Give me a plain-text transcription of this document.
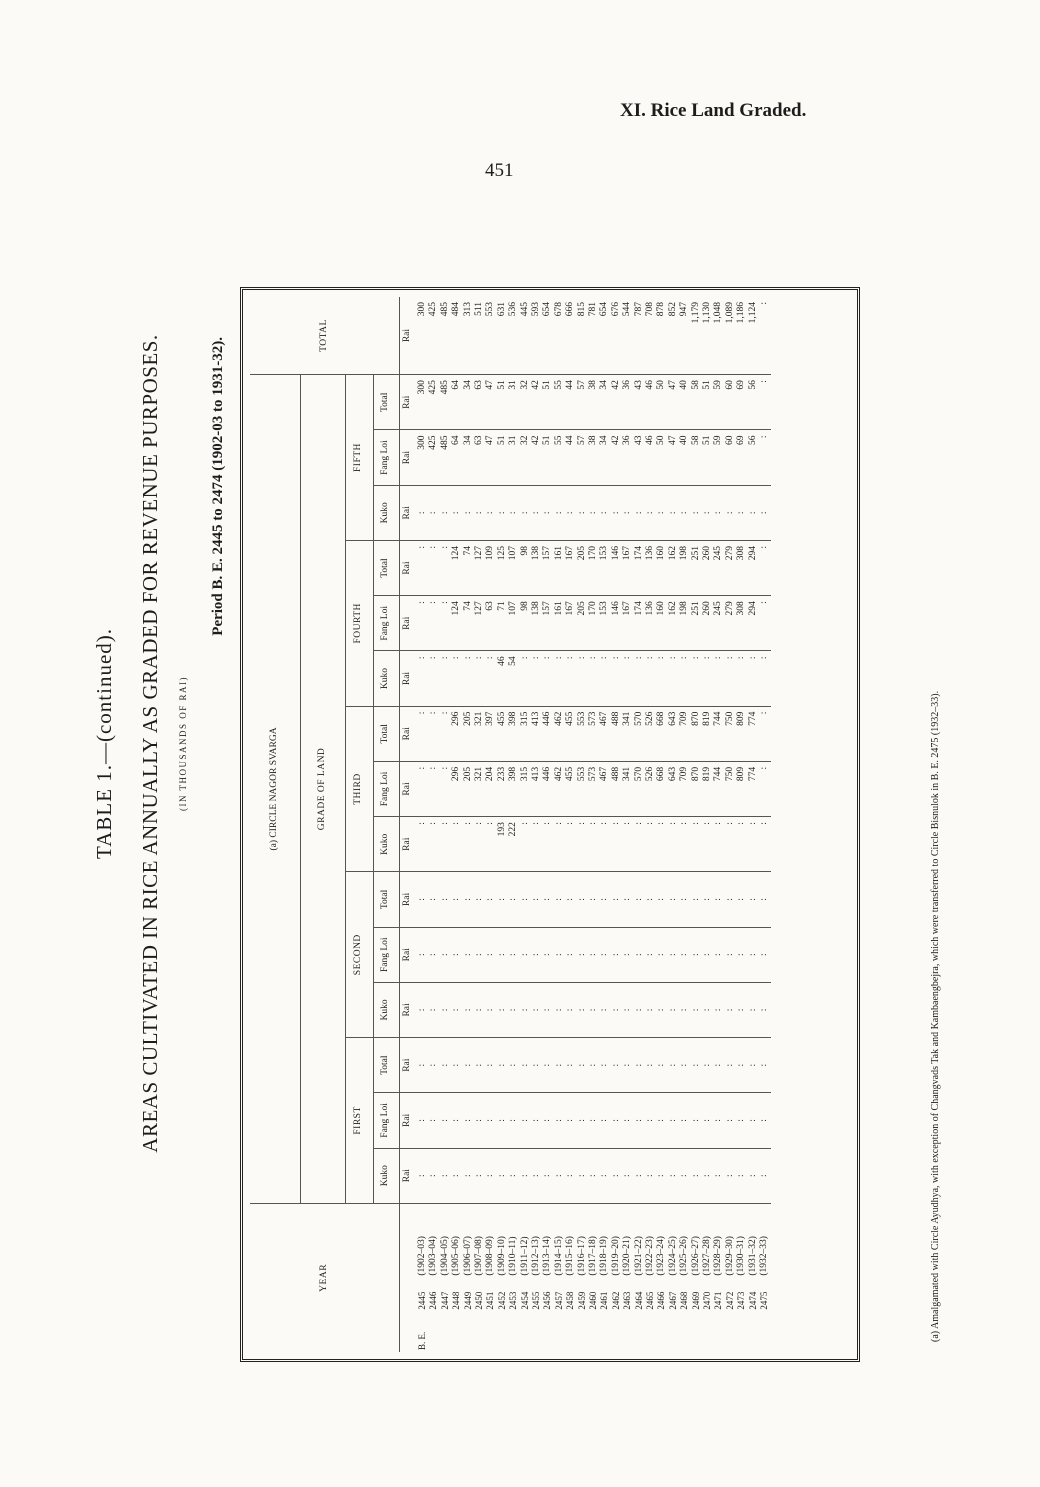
XI. Rice Land Graded.
451
TABLE 1.—(continued). AREAS CULTIVATED IN RICE ANNUALLY AS GRADED FOR REVENUE PURPOSES. (IN THOUSANDS OF RAI)
Period B. E. 2445 to 2474 (1902-03 to 1931-32).
YEAR			(a) CIRCLE NAGOR SVARGA															TOTAL
			GRADE OF LAND															
			FIRST			SECOND			THIRD			FOURTH			FIFTH			
			Kuko	Fang Loi	Total	Kuko	Fang Loi	Total	Kuko	Fang Loi	Total	Kuko	Fang Loi	Total	Kuko	Fang Loi	Total	
			Rai	Rai	Rai	Rai	Rai	Rai	Rai	Rai	Rai	Rai	Rai	Rai	Rai	Rai	Rai	Rai
B. E.	2445	(1902–03)	:	:	:	:	:	:	:	:	:	:	:	:	:	300	300	300
	2446	(1903–04)	:	:	:	:	:	:	:	:	:	:	:	:	:	425	425	425
	2447	(1904–05)	:	:	:	:	:	:	:	:	:	:	:	:	:	485	485	485
	2448	(1905–06)	:	:	:	:	:	:	:	296	296	:	124	124	:	64	64	484
	2449	(1906–07)	:	:	:	:	:	:	:	205	205	:	74	74	:	34	34	313
	2450	(1907–08)	:	:	:	:	:	:	:	321	321	:	127	127	:	63	63	511
	2451	(1908–09)	:	:	:	:	:	:	:	204	397	:	63	109	:	47	47	553
	2452	(1909–10)	:	:	:	:	:	:	193	233	455	46	71	125	:	51	51	631
	2453	(1910–11)	:	:	:	:	:	:	222	398	398	54	107	107	:	31	31	536
	2454	(1911–12)	:	:	:	:	:	:	:	315	315	:	98	98	:	32	32	445
	2455	(1912–13)	:	:	:	:	:	:	:	413	413	:	138	138	:	42	42	593
	2456	(1913–14)	:	:	:	:	:	:	:	446	446	:	157	157	:	51	51	654
	2457	(1914–15)	:	:	:	:	:	:	:	462	462	:	161	161	:	55	55	678
	2458	(1915–16)	:	:	:	:	:	:	:	455	455	:	167	167	:	44	44	666
	2459	(1916–17)	:	:	:	:	:	:	:	553	553	:	205	205	:	57	57	815
	2460	(1917–18)	:	:	:	:	:	:	:	573	573	:	170	170	:	38	38	781
	2461	(1918–19)	:	:	:	:	:	:	:	467	467	:	153	153	:	34	34	654
	2462	(1919–20)	:	:	:	:	:	:	:	488	488	:	146	146	:	42	42	676
	2463	(1920–21)	:	:	:	:	:	:	:	341	341	:	167	167	:	36	36	544
	2464	(1921–22)	:	:	:	:	:	:	:	570	570	:	174	174	:	43	43	787
	2465	(1922–23)	:	:	:	:	:	:	:	526	526	:	136	136	:	46	46	708
	2466	(1923–24)	:	:	:	:	:	:	:	668	668	:	160	160	:	50	50	878
	2467	(1924–25)	:	:	:	:	:	:	:	643	643	:	162	162	:	47	47	852
	2468	(1925–26)	:	:	:	:	:	:	:	709	709	:	198	198	:	40	40	947
	2469	(1926–27)	:	:	:	:	:	:	:	870	870	:	251	251	:	58	58	1,179
	2470	(1927–28)	:	:	:	:	:	:	:	819	819	:	260	260	:	51	51	1,130
	2471	(1928–29)	:	:	:	:	:	:	:	744	744	:	245	245	:	59	59	1,048
	2472	(1929–30)	:	:	:	:	:	:	:	750	750	:	279	279	:	60	60	1,089
	2473	(1930–31)	:	:	:	:	:	:	:	809	809	:	308	308	:	69	69	1,186
	2474	(1931–32)	:	:	:	:	:	:	:	774	774	:	294	294	:	56	56	1,124
	2475	(1932–33)	:	:	:	:	:	:	:	:	:	:	:	:	:	:	:	:
(a) Amalgamated with Circle Ayudhya, with exception of Changvads Tak and Kambaengbejra, which were transferred to Circle Bisnulok in B. E. 2475 (1932–33).
